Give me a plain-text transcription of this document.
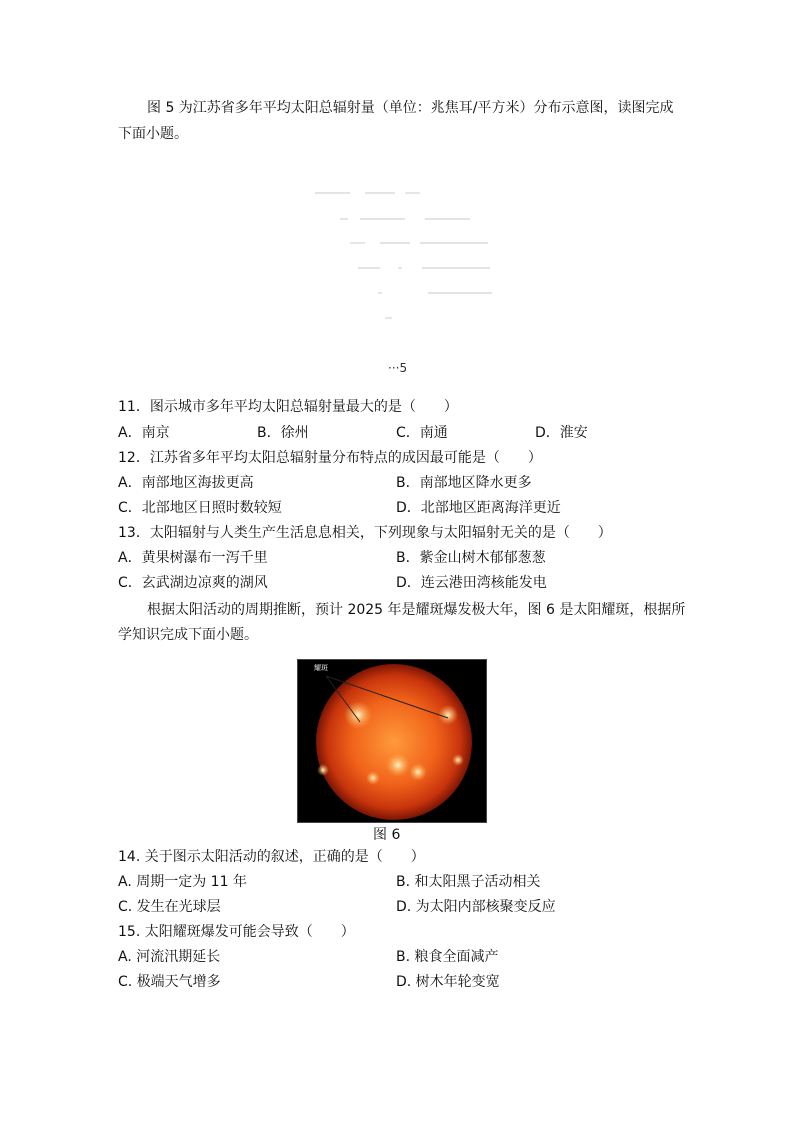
图 5 为江苏省多年平均太阳总辐射量（单位：兆焦耳/平方米）分布示意图，读图完成
下面小题。
···5
11．图示城市多年平均太阳总辐射量最大的是（　　）
A．南京	B．徐州	C．南通	D．淮安
12．江苏省多年平均太阳总辐射量分布特点的成因最可能是（　　）
A．南部地区海拔更高	B．南部地区降水更多
C．北部地区日照时数较短	D．北部地区距离海洋更近
13．太阳辐射与人类生产生活息息相关，下列现象与太阳辐射无关的是（　　）
A．黄果树瀑布一泻千里	B．紫金山树木郁郁葱葱
C．玄武湖边凉爽的湖风	D．连云港田湾核能发电
根据太阳活动的周期推断，预计 2025 年是耀斑爆发极大年，图 6 是太阳耀斑，根据所
学知识完成下面小题。
耀斑
图 6
14. 关于图示太阳活动的叙述，正确的是（　　）
A. 周期一定为 11 年	B. 和太阳黑子活动相关
C. 发生在光球层	D. 为太阳内部核聚变反应
15. 太阳耀斑爆发可能会导致（　　）
A. 河流汛期延长	B. 粮食全面减产
C. 极端天气增多	D. 树木年轮变宽
